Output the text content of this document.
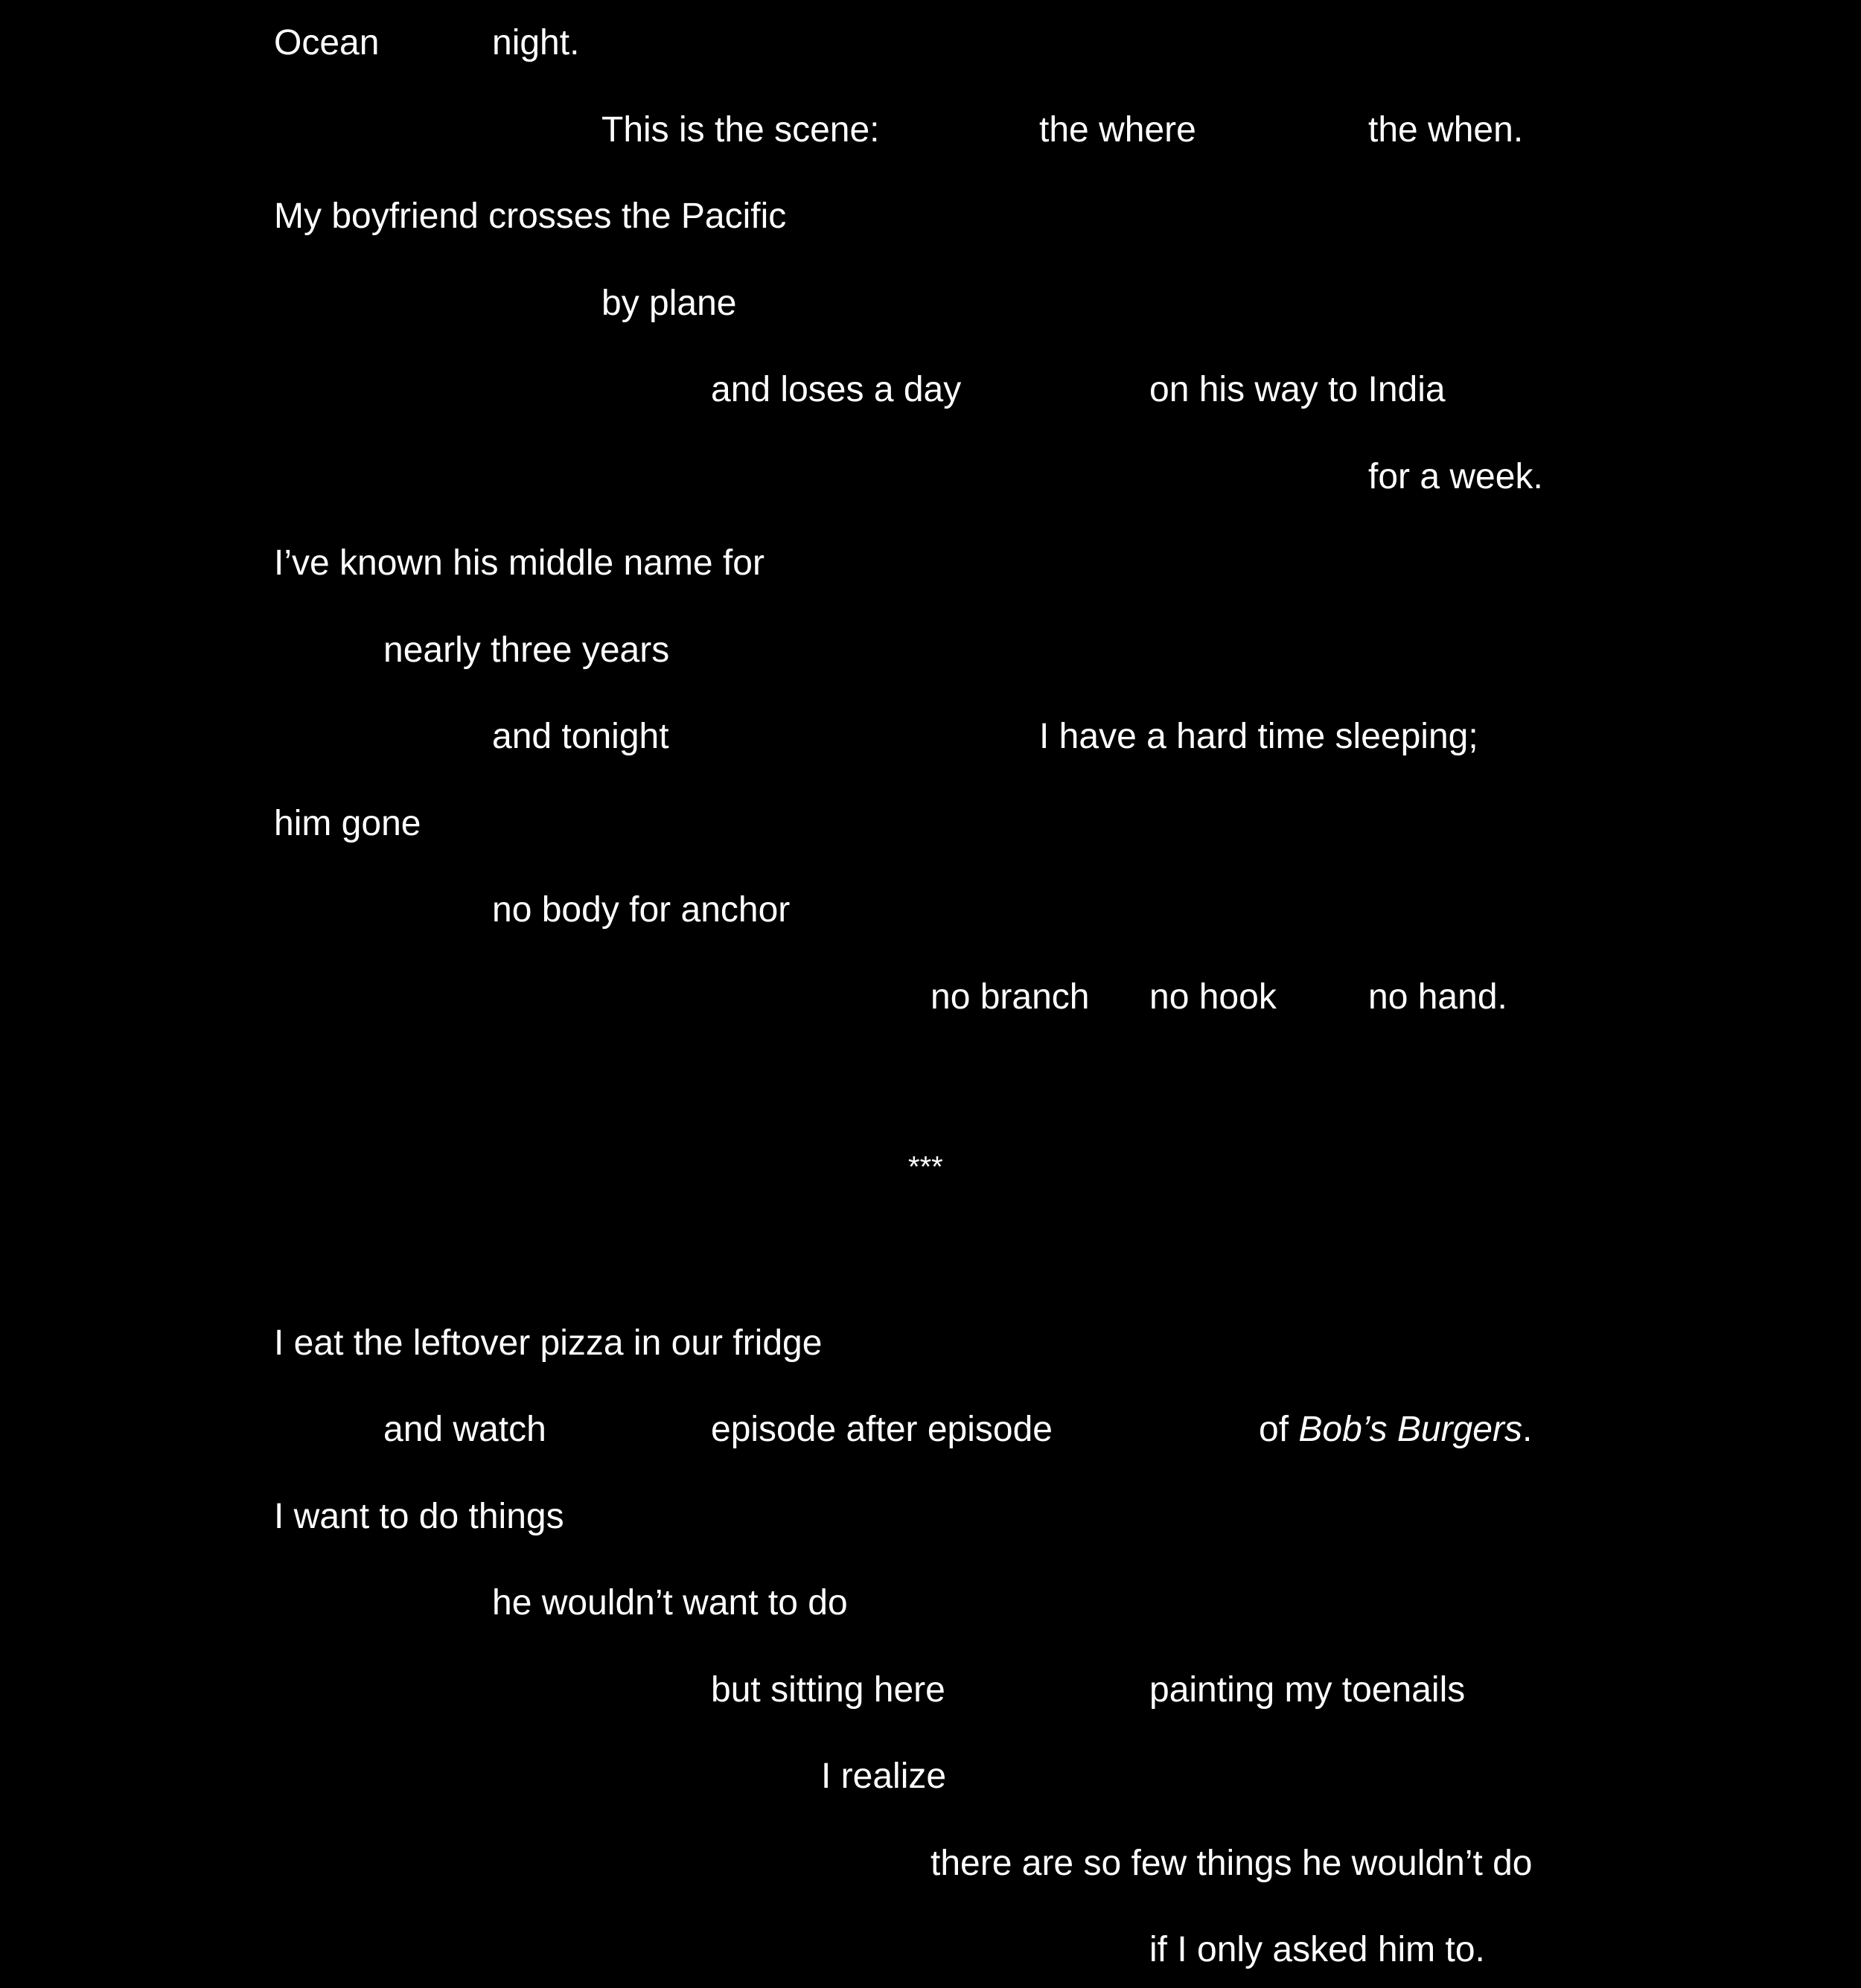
Ocean	night.
This is the scene:	the where	the when.
My boyfriend crosses the Pacific
by plane
and loses a day	on his way to India
for a week.
I’ve known his middle name for
nearly three years
and tonight	I have a hard time sleeping;
him gone
no body for anchor
no branch no hook	no hand.
***
I eat the leftover pizza in our fridge
and watch	episode after episode	of Bob’s Burgers.
I want to do things
he wouldn’t want to do
but sitting here	painting my toenails
I realize
there are so few things he wouldn’t do
if I only asked him to.
